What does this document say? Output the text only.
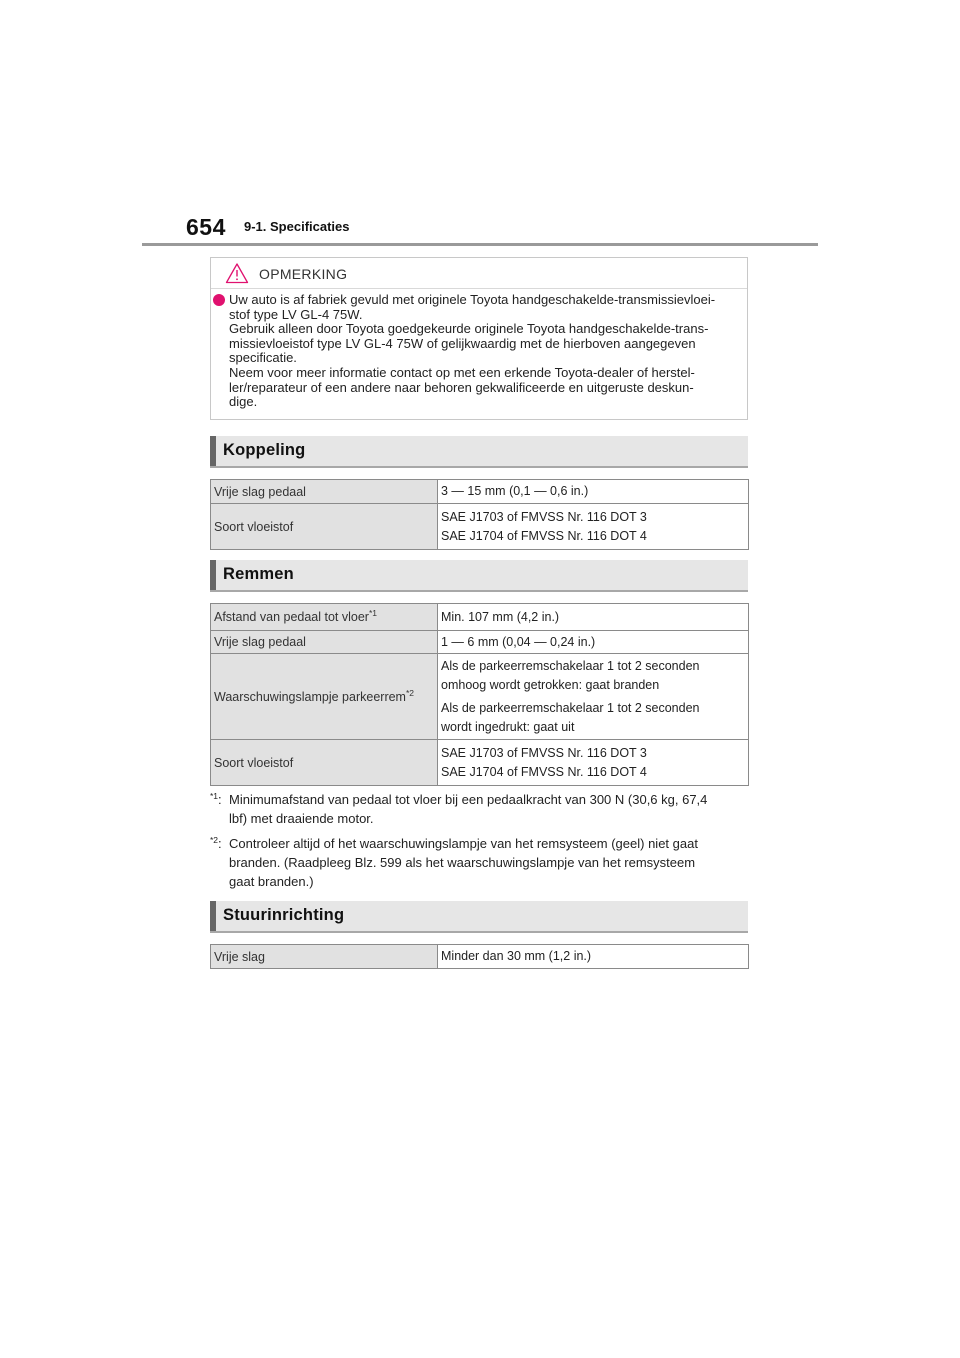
654 9-1. Specificaties
OPMERKING
Uw auto is af fabriek gevuld met originele Toyota handgeschakelde-transmissievloei-
stof type LV GL-4 75W.
Gebruik alleen door Toyota goedgekeurde originele Toyota handgeschakelde-trans-
missievloeistof type LV GL-4 75W of gelijkwaardig met de hierboven aangegeven
specificatie.
Neem voor meer informatie contact op met een erkende Toyota-dealer of herstel-
ler/reparateur of een andere naar behoren gekwalificeerde en uitgeruste deskun-
dige.
Koppeling
Vrije slag pedaal	3 — 15 mm (0,1 — 0,6 in.)

Soort vloeistof	SAE J1703 of FMVSS Nr. 116 DOT 3
SAE J1704 of FMVSS Nr. 116 DOT 4
Remmen
Afstand van pedaal tot vloer$^{*1}$	Min. 107 mm (4,2 in.)

Vrije slag pedaal	1 — 6 mm (0,04 — 0,24 in.)

Waarschuwingslampje parkeerrem$^{*2}$	Als de parkeerremschakelaar 1 tot 2 seconden
omhoog wordt getrokken: gaat branden
Als de parkeerremschakelaar 1 tot 2 seconden
wordt ingedrukt: gaat uit

Soort vloeistof	SAE J1703 of FMVSS Nr. 116 DOT 3
SAE J1704 of FMVSS Nr. 116 DOT 4
$^{*1}$: Minimumafstand van pedaal tot vloer bij een pedaalkracht van 300 N (30,6 kg, 67,4
lbf) met draaiende motor.
$^{*2}$: Controleer altijd of het waarschuwingslampje van het remsysteem (geel) niet gaat
branden. (Raadpleeg Blz. 599 als het waarschuwingslampje van het remsysteem
gaat branden.)
Stuurinrichting
Vrije slag	Minder dan 30 mm (1,2 in.)
